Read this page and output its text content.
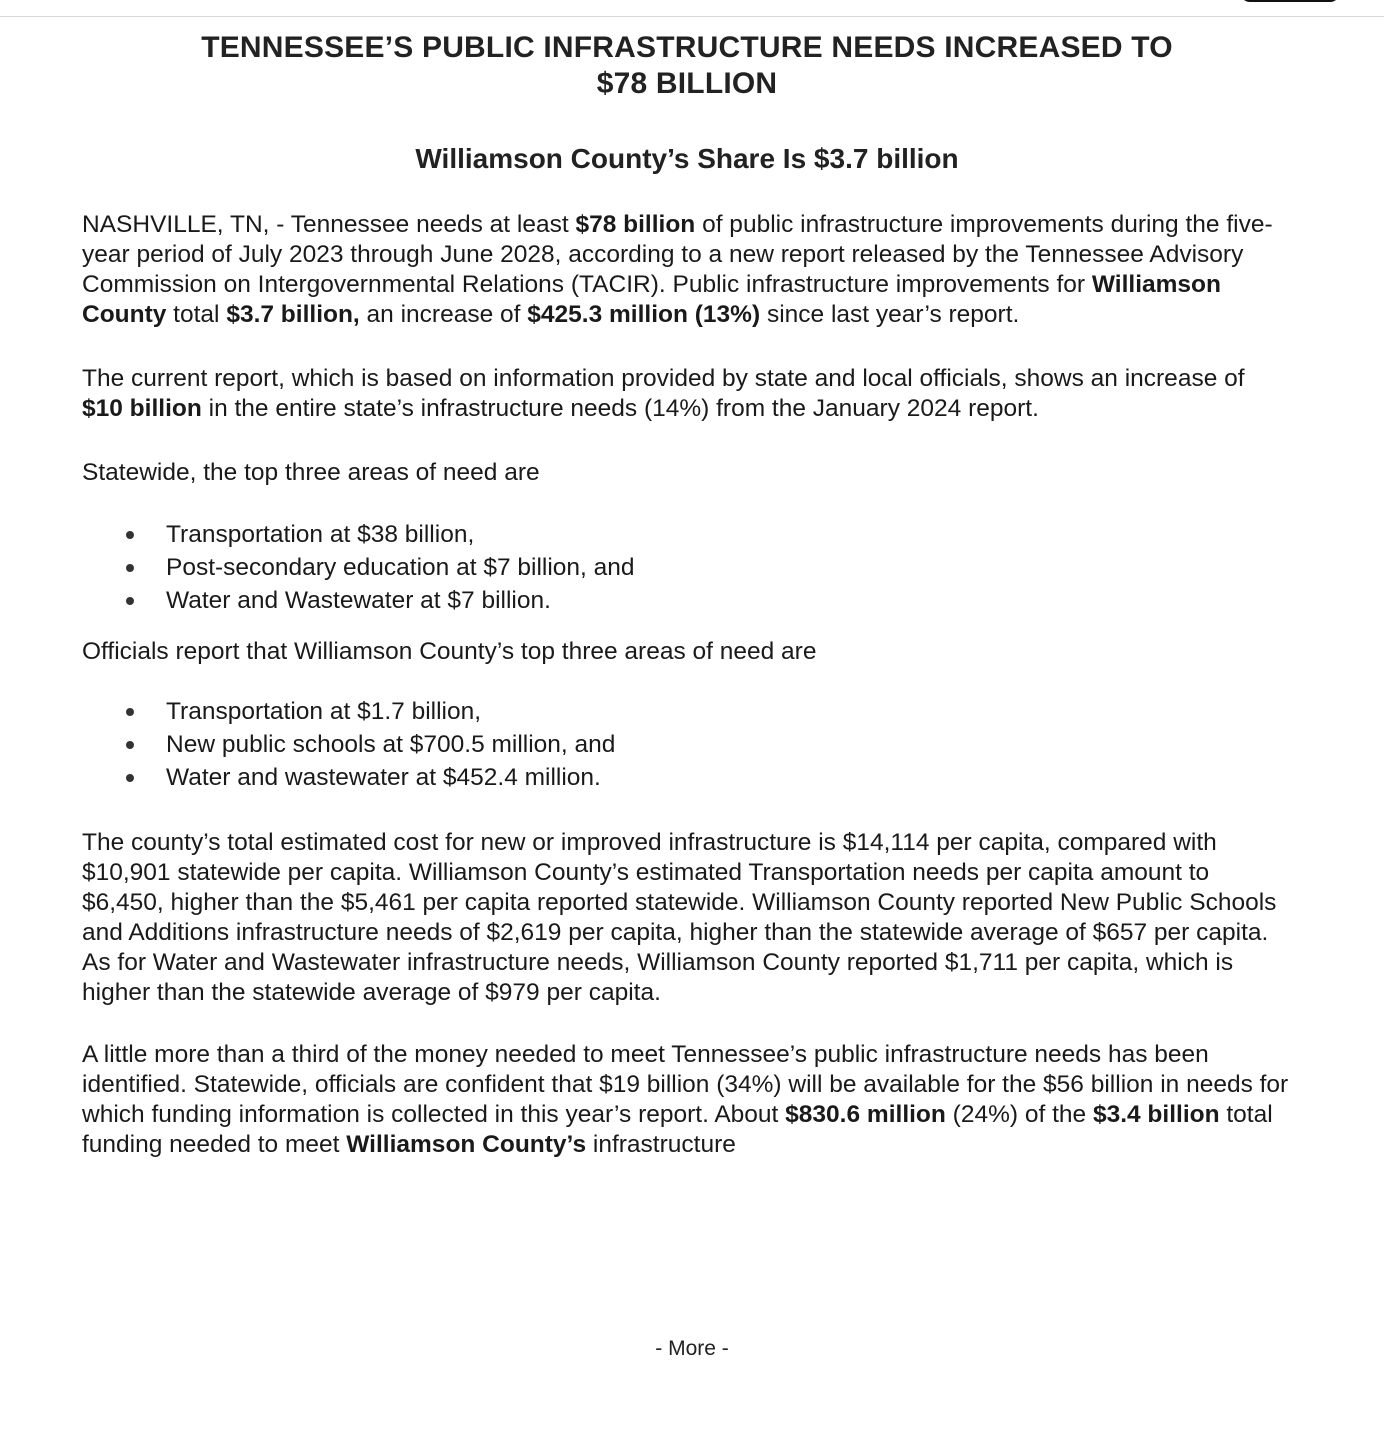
TENNESSEE’S PUBLIC INFRASTRUCTURE NEEDS INCREASED TO
$78 BILLION
Williamson County’s Share Is $3.7 billion

NASHVILLE, TN, - Tennessee needs at least $78 billion of public infrastructure improvements during the five-year period of July 2023 through June 2028, according to a new report released by the Tennessee Advisory Commission on Intergovernmental Relations (TACIR). Public infrastructure improvements for Williamson County total $3.7 billion, an increase of $425.3 million (13%) since last year’s report.

The current report, which is based on information provided by state and local officials, shows an increase of $10 billion in the entire state’s infrastructure needs (14%) from the January 2024 report.

Statewide, the top three areas of need are

Transportation at $38 billion,
Post-secondary education at $7 billion, and
Water and Wastewater at $7 billion.

Officials report that Williamson County’s top three areas of need are

Transportation at $1.7 billion,
New public schools at $700.5 million, and
Water and wastewater at $452.4 million.

The county’s total estimated cost for new or improved infrastructure is $14,114 per capita, compared with $10,901 statewide per capita. Williamson County’s estimated Transportation needs per capita amount to $6,450, higher than the $5,461 per capita reported statewide. Williamson County reported New Public Schools and Additions infrastructure needs of $2,619 per capita, higher than the statewide average of $657 per capita. As for Water and Wastewater infrastructure needs, Williamson County reported $1,711 per capita, which is higher than the statewide average of $979 per capita.

A little more than a third of the money needed to meet Tennessee’s public infrastructure needs has been identified. Statewide, officials are confident that $19 billion (34%) will be available for the $56 billion in needs for which funding information is collected in this year’s report. About $830.6 million (24%) of the $3.4 billion total funding needed to meet Williamson County’s infrastructure

- More -
